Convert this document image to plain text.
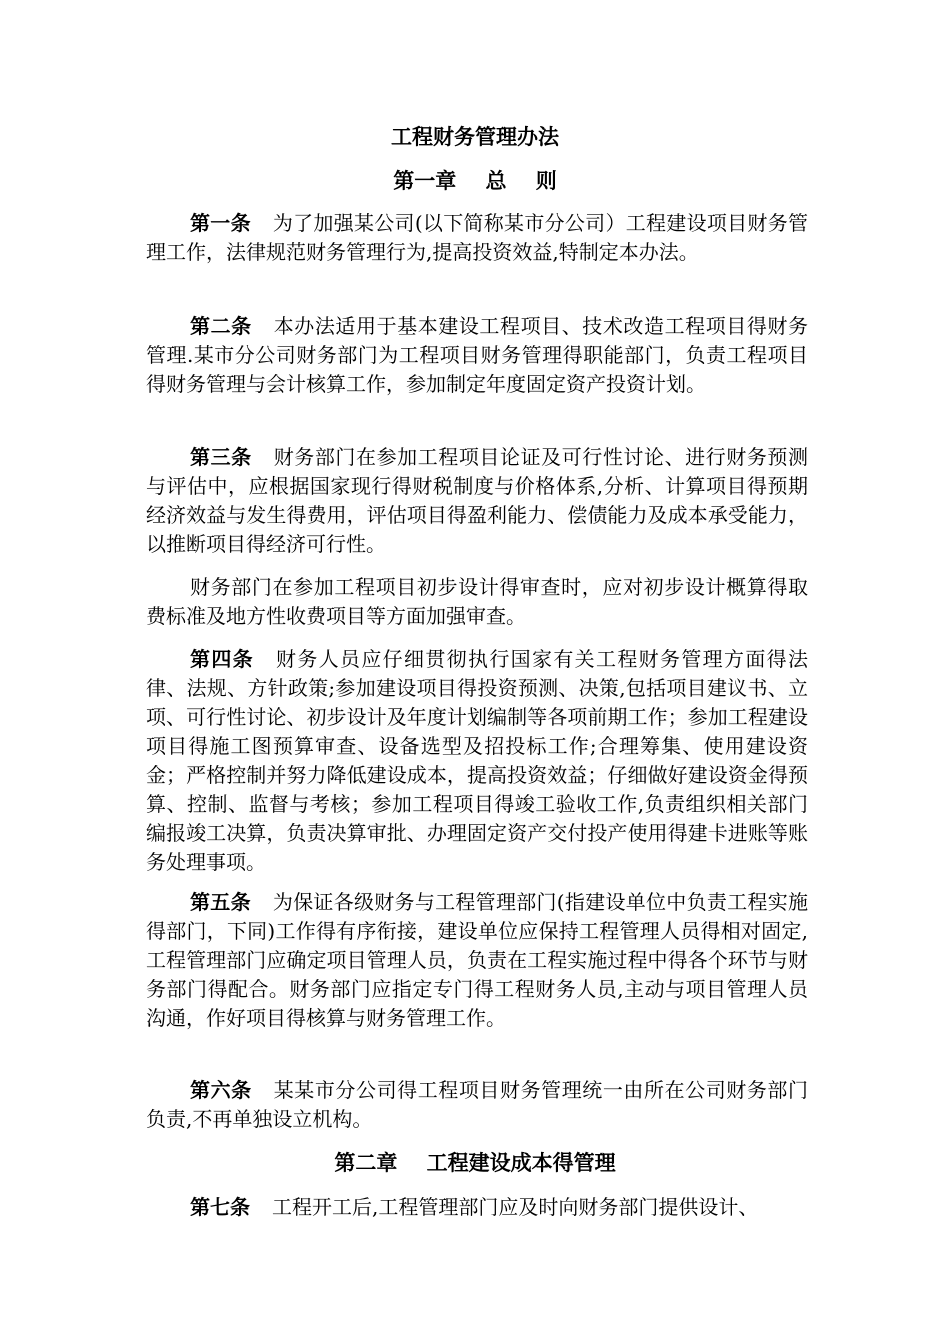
工程财务管理办法
第一章    总    则
第一条 为了加强某公司(以下简称某市分公司）工程建设项目财务管理工作，法律规范财务管理行为,提高投资效益,特制定本办法。
第二条 本办法适用于基本建设工程项目、技术改造工程项目得财务管理.某市分公司财务部门为工程项目财务管理得职能部门，负责工程项目得财务管理与会计核算工作，参加制定年度固定资产投资计划。
第三条 财务部门在参加工程项目论证及可行性讨论、进行财务预测与评估中，应根据国家现行得财税制度与价格体系,分析、计算项目得预期经济效益与发生得费用，评估项目得盈利能力、偿债能力及成本承受能力，以推断项目得经济可行性。
财务部门在参加工程项目初步设计得审查时，应对初步设计概算得取费标准及地方性收费项目等方面加强审查。
第四条 财务人员应仔细贯彻执行国家有关工程财务管理方面得法律、法规、方针政策;参加建设项目得投资预测、决策,包括项目建议书、立项、可行性讨论、初步设计及年度计划编制等各项前期工作；参加工程建设项目得施工图预算审查、设备选型及招投标工作;合理筹集、使用建设资金；严格控制并努力降低建设成本，提高投资效益；仔细做好建设资金得预算、控制、监督与考核；参加工程项目得竣工验收工作,负责组织相关部门编报竣工决算，负责决算审批、办理固定资产交付投产使用得建卡进账等账务处理事项。
第五条 为保证各级财务与工程管理部门(指建设单位中负责工程实施得部门，下同)工作得有序衔接，建设单位应保持工程管理人员得相对固定,工程管理部门应确定项目管理人员，负责在工程实施过程中得各个环节与财务部门得配合。财务部门应指定专门得工程财务人员,主动与项目管理人员沟通，作好项目得核算与财务管理工作。
第六条 某某市分公司得工程项目财务管理统一由所在公司财务部门负责,不再单独设立机构。
第二章    工程建设成本得管理
第七条 工程开工后,工程管理部门应及时向财务部门提供设计、
